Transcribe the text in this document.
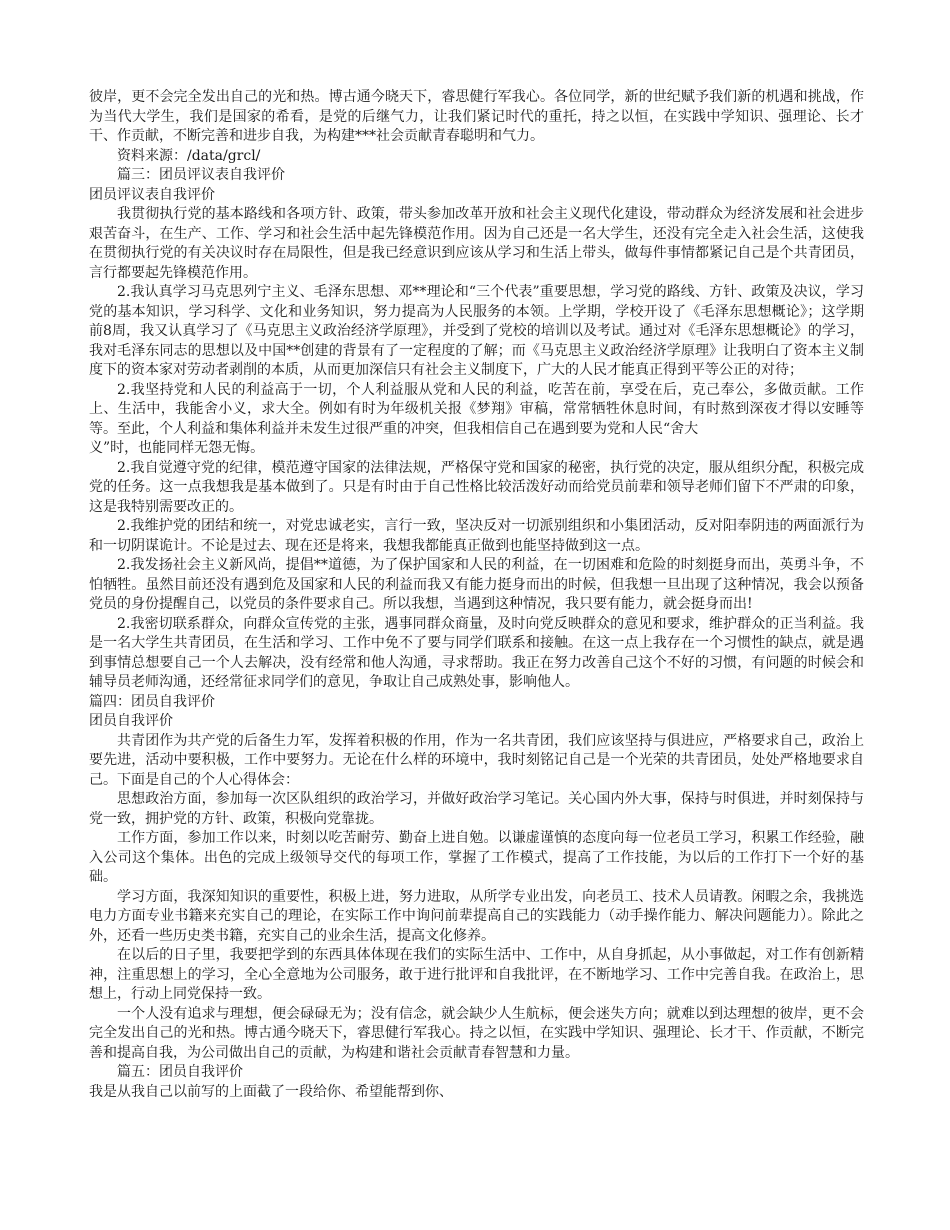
彼岸，更不会完全发出自己的光和热。博古通今晓天下，睿思健行军我心。各位同学，新的世纪赋予我们新的机遇和挑战，作为当代大学生，我们是国家的希看，是党的后继气力，让我们紧记时代的重托，持之以恒，在实践中学知识、强理论、长才干、作贡献，不断完善和进步自我，为构建***社会贡献青春聪明和气力。

资料来源：/data/grcl/

篇三：团员评议表自我评价

团员评议表自我评价

我贯彻执行党的基本路线和各项方针、政策，带头参加改革开放和社会主义现代化建设，带动群众为经济发展和社会进步艰苦奋斗，在生产、工作、学习和社会生活中起先锋模范作用。因为自己还是一名大学生，还没有完全走入社会生活，这使我在贯彻执行党的有关决议时存在局限性，但是我已经意识到应该从学习和生活上带头，做每件事情都紧记自己是个共青团员，言行都要起先锋模范作用。

2.我认真学习马克思列宁主义、毛泽东思想、邓**理论和“三个代表”重要思想，学习党的路线、方针、政策及决议，学习党的基本知识，学习科学、文化和业务知识，努力提高为人民服务的本领。上学期，学校开设了《毛泽东思想概论》；这学期前8周，我又认真学习了《马克思主义政治经济学原理》，并受到了党校的培训以及考试。通过对《毛泽东思想概论》的学习，我对毛泽东同志的思想以及中国**创建的背景有了一定程度的了解；而《马克思主义政治经济学原理》让我明白了资本主义制度下的资本家对劳动者剥削的本质，从而更加深信只有社会主义制度下，广大的人民才能真正得到平等公正的对待；

2.我坚持党和人民的利益高于一切，个人利益服从党和人民的利益，吃苦在前，享受在后，克己奉公，多做贡献。工作上、生活中，我能舍小义，求大全。例如有时为年级机关报《梦翔》审稿，常常牺牲休息时间，有时熬到深夜才得以安睡等等。至此，个人利益和集体利益并未发生过很严重的冲突，但我相信自己在遇到要为党和人民“舍大

义”时，也能同样无怨无悔。

2.我自觉遵守党的纪律，模范遵守国家的法律法规，严格保守党和国家的秘密，执行党的决定，服从组织分配，积极完成党的任务。这一点我想我是基本做到了。只是有时由于自己性格比较活泼好动而给党员前辈和领导老师们留下不严肃的印象，这是我特别需要改正的。

2.我维护党的团结和统一，对党忠诚老实，言行一致，坚决反对一切派别组织和小集团活动，反对阳奉阴违的两面派行为和一切阴谋诡计。不论是过去、现在还是将来，我想我都能真正做到也能坚持做到这一点。

2.我发扬社会主义新风尚，提倡**道德，为了保护国家和人民的利益，在一切困难和危险的时刻挺身而出，英勇斗争，不怕牺牲。虽然目前还没有遇到危及国家和人民的利益而我又有能力挺身而出的时候，但我想一旦出现了这种情况，我会以预备党员的身份提醒自己，以党员的条件要求自己。所以我想，当遇到这种情况，我只要有能力，就会挺身而出!

2.我密切联系群众，向群众宣传党的主张，遇事同群众商量，及时向党反映群众的意见和要求，维护群众的正当利益。我是一名大学生共青团员，在生活和学习、工作中免不了要与同学们联系和接触。在这一点上我存在一个习惯性的缺点，就是遇到事情总想要自己一个人去解决，没有经常和他人沟通，寻求帮助。我正在努力改善自己这个不好的习惯，有问题的时候会和辅导员老师沟通，还经常征求同学们的意见，争取让自己成熟处事，影响他人。

篇四：团员自我评价

团员自我评价

共青团作为共产党的后备生力军，发挥着积极的作用，作为一名共青团，我们应该坚持与俱进应，严格要求自己，政治上要先进，活动中要积极，工作中要努力。无论在什么样的环境中，我时刻铭记自己是一个光荣的共青团员，处处严格地要求自己。下面是自己的个人心得体会：

思想政治方面，参加每一次区队组织的政治学习，并做好政治学习笔记。关心国内外大事，保持与时俱进，并时刻保持与党一致，拥护党的方针、政策，积极向党靠拢。

工作方面，参加工作以来，时刻以吃苦耐劳、勤奋上进自勉。以谦虚谨慎的态度向每一位老员工学习，积累工作经验，融入公司这个集体。出色的完成上级领导交代的每项工作，掌握了工作模式，提高了工作技能，为以后的工作打下一个好的基础。

学习方面，我深知知识的重要性，积极上进，努力进取，从所学专业出发，向老员工、技术人员请教。闲暇之余，我挑选电力方面专业书籍来充实自己的理论，在实际工作中询问前辈提高自己的实践能力（动手操作能力、解决问题能力）。除此之外，还看一些历史类书籍，充实自己的业余生活，提高文化修养。

在以后的日子里，我要把学到的东西具体体现在我们的实际生活中、工作中，从自身抓起，从小事做起，对工作有创新精神，注重思想上的学习，全心全意地为公司服务，敢于进行批评和自我批评，在不断地学习、工作中完善自我。在政治上，思想上，行动上同党保持一致。

一个人没有追求与理想，便会碌碌无为；没有信念，就会缺少人生航标，便会迷失方向；就难以到达理想的彼岸，更不会完全发出自己的光和热。博古通今晓天下，睿思健行军我心。持之以恒，在实践中学知识、强理论、长才干、作贡献，不断完善和提高自我，为公司做出自己的贡献，为构建和谐社会贡献青春智慧和力量。

篇五：团员自我评价

我是从我自己以前写的上面截了一段给你、希望能帮到你、
